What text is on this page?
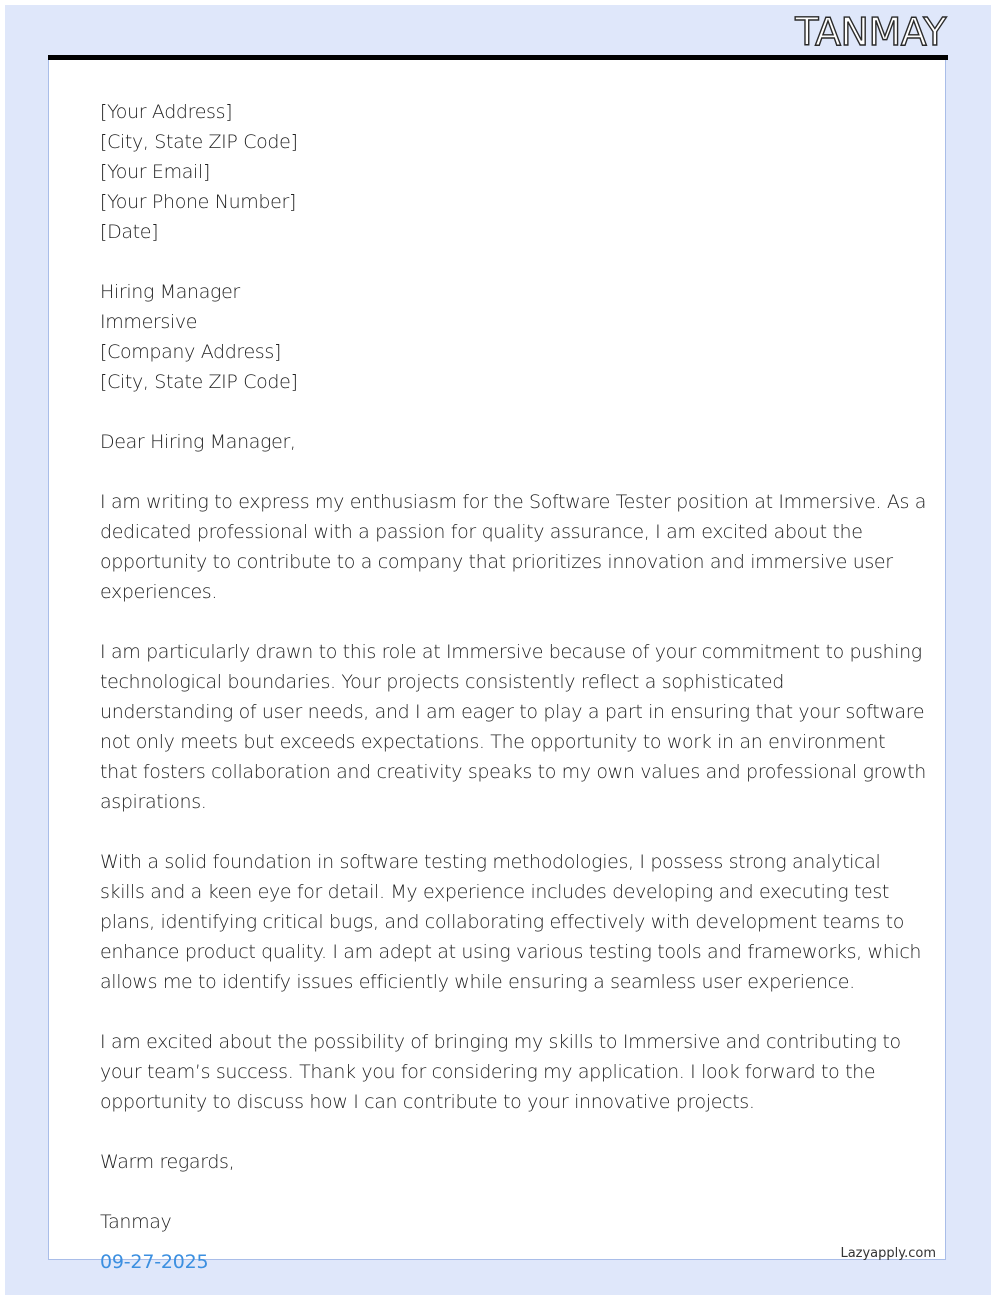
TANMAY
[Your Address]
[City, State ZIP Code]
[Your Email]
[Your Phone Number]
[Date]
Hiring Manager
Immersive
[Company Address]
[City, State ZIP Code]
Dear Hiring Manager,
I am writing to express my enthusiasm for the Software Tester position at Immersive. As a
dedicated professional with a passion for quality assurance, I am excited about the
opportunity to contribute to a company that prioritizes innovation and immersive user
experiences.
I am particularly drawn to this role at Immersive because of your commitment to pushing
technological boundaries. Your projects consistently reflect a sophisticated
understanding of user needs, and I am eager to play a part in ensuring that your software
not only meets but exceeds expectations. The opportunity to work in an environment
that fosters collaboration and creativity speaks to my own values and professional growth
aspirations.
With a solid foundation in software testing methodologies, I possess strong analytical
skills and a keen eye for detail. My experience includes developing and executing test
plans, identifying critical bugs, and collaborating effectively with development teams to
enhance product quality. I am adept at using various testing tools and frameworks, which
allows me to identify issues efficiently while ensuring a seamless user experience.
I am excited about the possibility of bringing my skills to Immersive and contributing to
your team’s success. Thank you for considering my application. I look forward to the
opportunity to discuss how I can contribute to your innovative projects.
Warm regards,
Tanmay
09-27-2025	Lazyapply.com
